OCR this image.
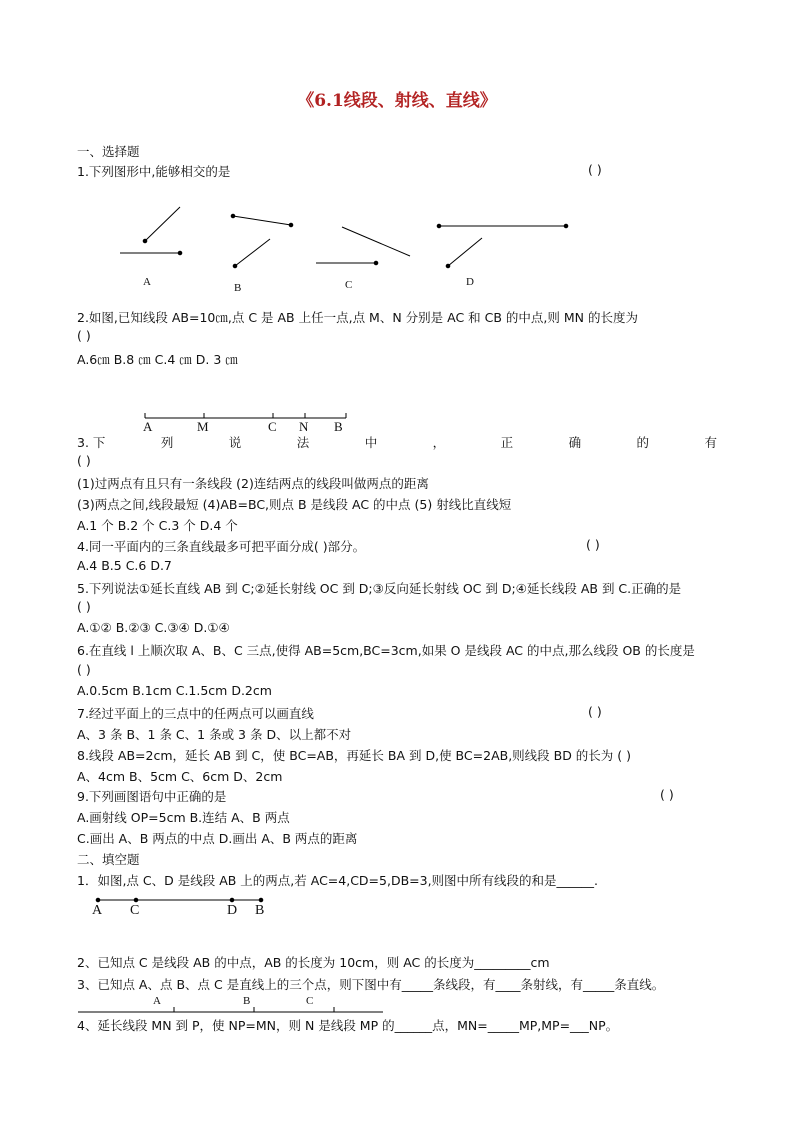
《6.1线段、射线、直线》
一、选择题
1.下列图形中,能够相交的是	( )
A	B	C	D
2.如图,已知线段 AB=10㎝,点 C 是 AB 上任一点,点 M、N 分别是 AC 和 CB 的中点,则 MN 的长度为
( )
A.6㎝ B.8 ㎝ C.4 ㎝ D. 3 ㎝
A	M	C N B
3. 下	列	说	法	中	，	正	确	的	有
( )
(1)过两点有且只有一条线段 (2)连结两点的线段叫做两点的距离
(3)两点之间,线段最短 (4)AB=BC,则点 B 是线段 AC 的中点 (5) 射线比直线短
A.1 个 B.2 个 C.3 个 D.4 个
4.同一平面内的三条直线最多可把平面分成( )部分。	( )
A.4 B.5 C.6 D.7
5.下列说法①延长直线 AB 到 C;②延长射线 OC 到 D;③反向延长射线 OC 到 D;④延长线段 AB 到 C.正确的是
( )
A.①② B.②③ C.③④ D.①④
6.在直线 l 上顺次取 A、B、C 三点,使得 AB=5cm,BC=3cm,如果 O 是线段 AC 的中点,那么线段 OB 的长度是
( )
A.0.5cm B.1cm C.1.5cm D.2cm
7.经过平面上的三点中的任两点可以画直线	( )
A、3 条 B、1 条 C、1 条或 3 条 D、以上都不对
8.线段 AB=2cm，延长 AB 到 C，使 BC=AB，再延长 BA 到 D,使 BC=2AB,则线段 BD 的长为 ( )
A、4cm B、5cm C、6cm D、2cm
9.下列画图语句中正确的是	( )
A.画射线 OP=5cm B.连结 A、B 两点
C.画出 A、B 两点的中点 D.画出 A、B 两点的距离
二、填空题
1．如图,点 C、D 是线段 AB 上的两点,若 AC=4,CD=5,DB=3,则图中所有线段的和是______.
A C	D B
2、已知点 C 是线段 AB 的中点，AB 的长度为 10cm，则 AC 的长度为_________cm
3、已知点 A、点 B、点 C 是直线上的三个点，则下图中有_____条线段，有____条射线，有_____条直线。
A	B	C
4、延长线段 MN 到 P，使 NP=MN，则 N 是线段 MP 的______点，MN=_____MP,MP=___NP。
